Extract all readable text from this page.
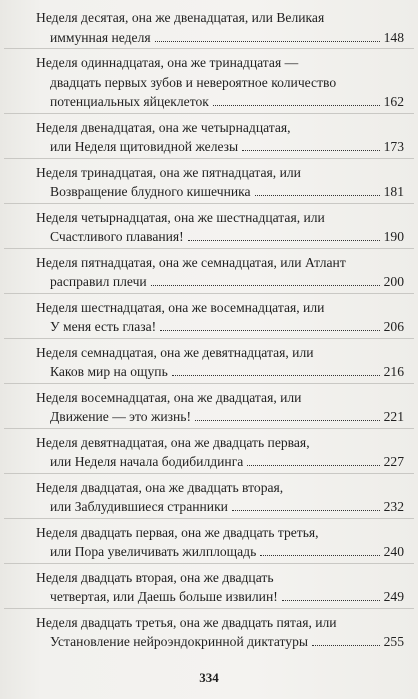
Неделя десятая, она же двенадцатая, или Великая
иммунная неделя	148
Неделя одиннадцатая, она же тринадцатая —
двадцать первых зубов и невероятное количество
потенциальных яйцеклеток	162
Неделя двенадцатая, она же четырнадцатая,
или Неделя щитовидной железы	173
Неделя тринадцатая, она же пятнадцатая, или
Возвращение блудного кишечника	181
Неделя четырнадцатая, она же шестнадцатая, или
Счастливого плавания!	190
Неделя пятнадцатая, она же семнадцатая, или Атлант
расправил плечи	200
Неделя шестнадцатая, она же восемнадцатая, или
У меня есть глаза!	206
Неделя семнадцатая, она же девятнадцатая, или
Каков мир на ощупь	216
Неделя восемнадцатая, она же двадцатая, или
Движение — это жизнь!	221
Неделя девятнадцатая, она же двадцать первая,
или Неделя начала бодибилдинга	227
Неделя двадцатая, она же двадцать вторая,
или Заблудившиеся странники	232
Неделя двадцать первая, она же двадцать третья,
или Пора увеличивать жилплощадь	240
Неделя двадцать вторая, она же двадцать
четвертая, или Даешь больше извилин!	249
Неделя двадцать третья, она же двадцать пятая, или
Установление нейроэндокринной диктатуры	255
334
